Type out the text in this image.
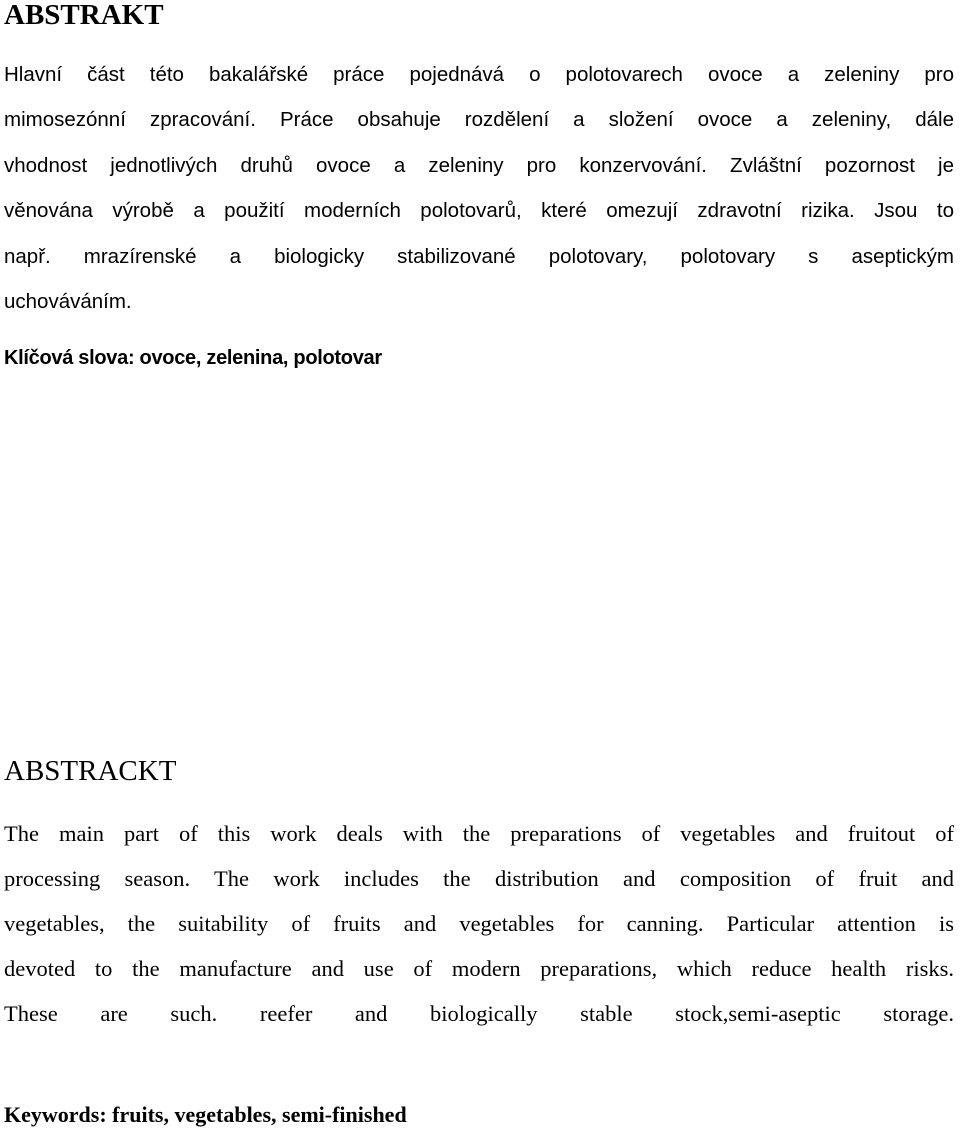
ABSTRAKT
Hlavní část této bakalářské práce pojednává o polotovarech ovoce a zeleniny pro
mimosezónní zpracování. Práce obsahuje rozdělení a složení ovoce a zeleniny, dále
vhodnost jednotlivých druhů ovoce a zeleniny pro konzervování. Zvláštní pozornost je
věnována výrobě a použití moderních polotovarů, které omezují zdravotní rizika. Jsou to
např. mrazírenské a biologicky stabilizované polotovary, polotovary s aseptickým
uchováváním.
Klíčová slova: ovoce, zelenina, polotovar
ABSTRACKT
The main part of this work deals with the preparations of vegetables and fruitout of
processing season. The work includes the distribution and composition of fruit and
vegetables, the suitability of fruits and vegetables for canning. Particular attention is
devoted to the manufacture and use of modern preparations, which reduce health risks.
These are such. reefer and biologically stable stock,semi-aseptic storage.
Keywords: fruits, vegetables, semi-finished
